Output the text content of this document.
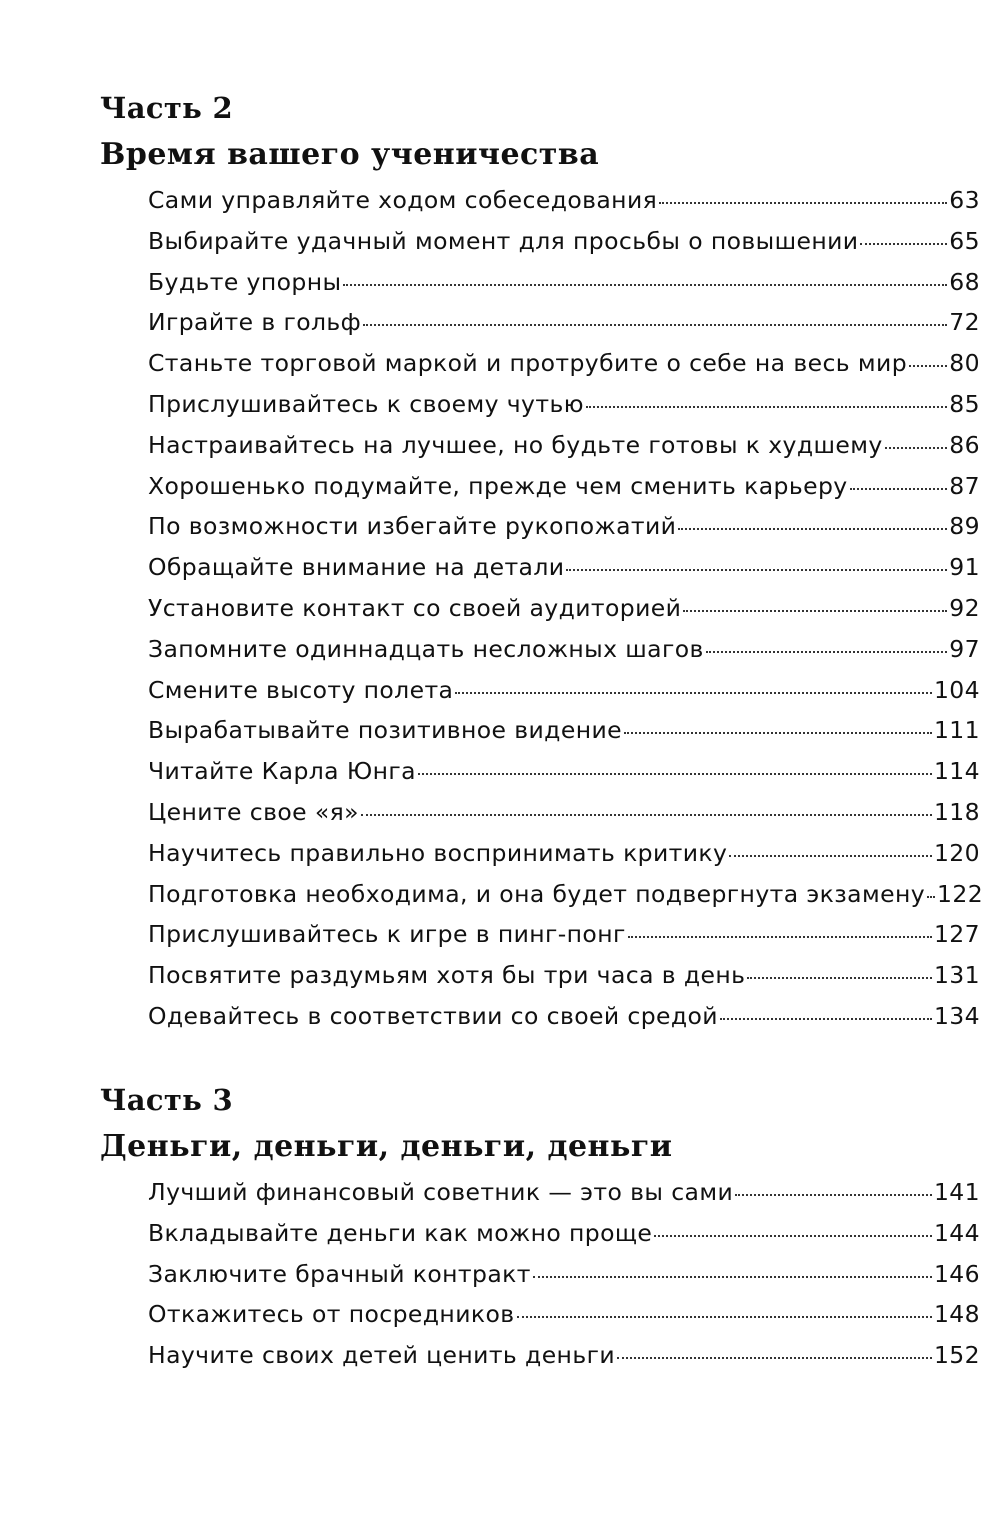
Часть 2
Время вашего ученичества
Сами управляйте ходом собеседования	63
Выбирайте удачный момент для просьбы о повышении	65
Будьте упорны	68
Играйте в гольф	72
Станьте торговой маркой и протрубите о себе на весь мир 80
Прислушивайтесь к своему чутью	85
Настраивайтесь на лучшее, но будьте готовы к худшему	86
Хорошенько подумайте, прежде чем сменить карьеру	87
По возможности избегайте рукопожатий	89
Обращайте внимание на детали	91
Установите контакт со своей аудиторией	92
Запомните одиннадцать несложных шагов	97
Смените высоту полета	104
Вырабатывайте позитивное видение	111
Читайте Карла Юнга	114
Цените свое «я»	118
Научитесь правильно воспринимать критику	120
Подготовка необходима, и она будет подвергнута экзамену 122
Прислушивайтесь к игре в пинг-понг	127
Посвятите раздумьям хотя бы три часа в день	131
Одевайтесь в соответствии со своей средой	134
Часть 3
Деньги, деньги, деньги, деньги
Лучший финансовый советник — это вы сами	141
Вкладывайте деньги как можно проще	144
Заключите брачный контракт	146
Откажитесь от посредников	148
Научите своих детей ценить деньги	152
